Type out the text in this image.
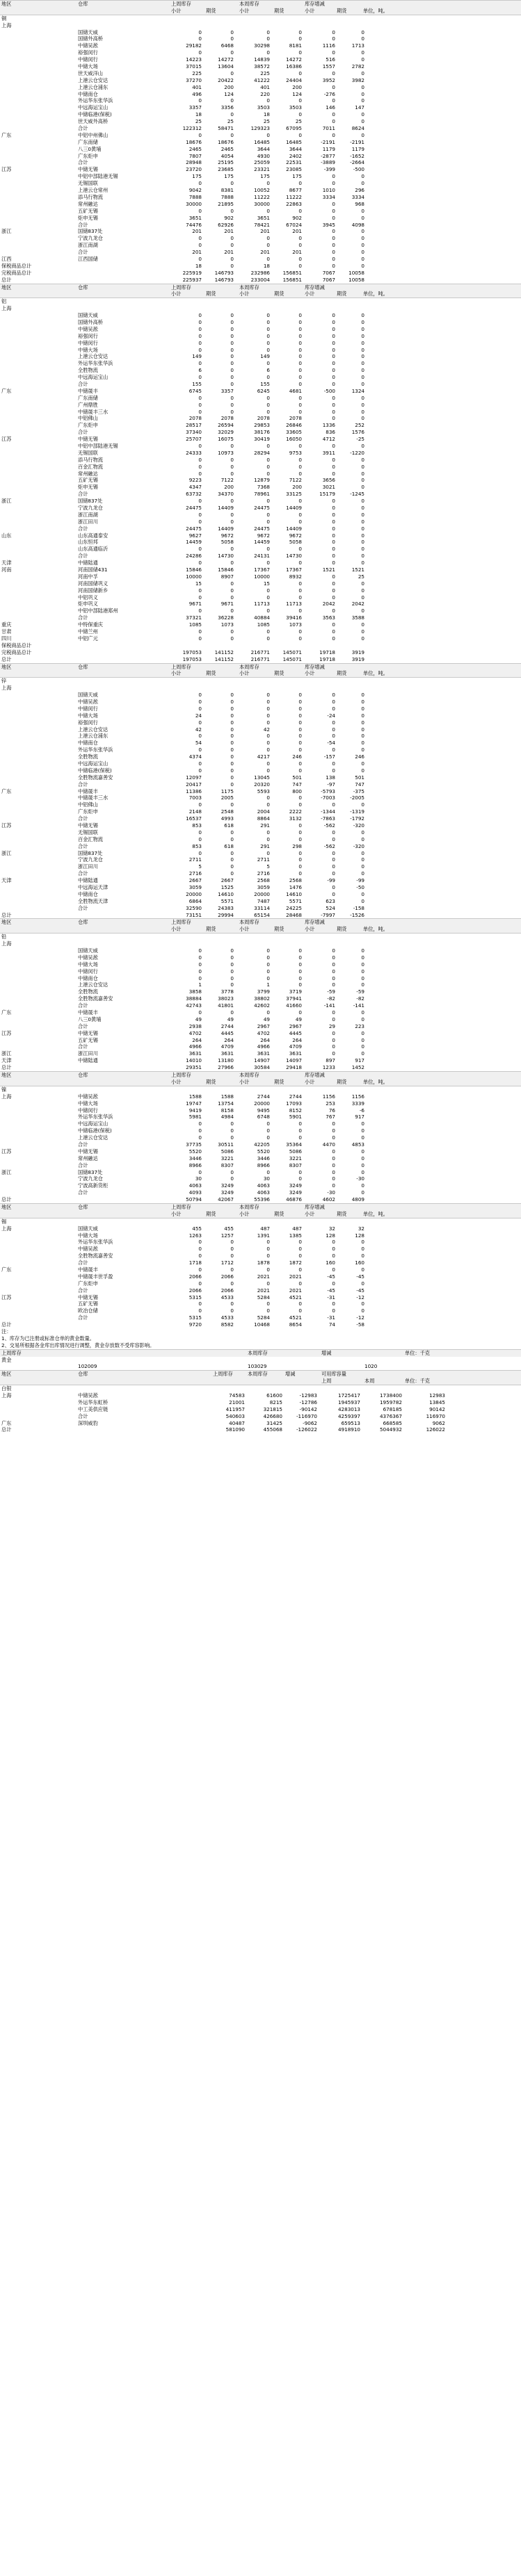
地区	仓库	上周库存	本周库存	库存增减
小计	期货	小计	期货	小计	期货	单位，吨。
铜
上海
国储天威	0	0	0	0	0	0
国储外高桥	0	0	0	0	0	0
中储吴淞	29182	6468	30298	8181	1116	1713
裕强闵行	0	0	0	0	0	0
中储闵行	14223	14272	14839	14272	516	0
中储大场	37015	13604	38572	16386	1557	2782
世天威洋山	225	0	225	0	0	0
上港云仓安达	37270	20422	41222	24404	3952	3982
上港云仓浦东	401	200	401	200	0	0
中储南仓	496	124	220	124	-276	0
外运华东张华浜	0	0	0	0	0	0
中远海运宝山	3357	3356	3503	3503	146	147
中储临港(保税)	18	0	18	0	0	0
世天威外高桥	25	25	25	25	0	0
合计	122312	58471	129323	67095	7011	8624
广东	中铝中州佛山	0	0	0	0	0	0
广东南储	18676	18676	16485	16485	-2191	-2191
八三0黄埔	2465	2465	3644	3644	1179	1179
广东炬申	7807	4054	4930	2402	-2877	-1652
合计	28948	25195	25059	22531	-3889	-2664
江苏	中储无锡	23720	23685	23321	23085	-399	-500
中铝中部陆港无锡	175	175	175	175	0	0
无锡国联	0	0	0	0	0	0
上港云仓常州	9042	8381	10052	8677	1010	296
添马行物流	7888	7888	11222	11222	3334	3334
常州融达	30000	21895	30000	22863	0	968
五矿无锡	0	0	0	0	0	0
炬申无锡	3651	902	3651	902	0	0
合计	74476	62926	78421	67024	3945	4098
浙江	国储837处	201	201	201	201	0	0
宁波九龙仓	0	0	0	0	0	0
浙江南湖	0	0	0	0	0	0
合计	201	201	201	201	0	0
江西	江西国储	0	0	0	0	0	0
保税商品总计	18	0	18	0	0	0
完税商品总计	225919	146793	232986	156851	7067	10058
总计	225937	146793	233004	156851	7067	10058
地区	仓库	上周库存	本周库存	库存增减
小计	期货	小计	期货	小计	期货	单位，吨。
铝
上海
国储天威	0	0	0	0	0	0
国储外高桥	0	0	0	0	0	0
中储吴淞	0	0	0	0	0	0
裕强闵行	0	0	0	0	0	0
中储闵行	0	0	0	0	0	0
中储大场	0	0	0	0	0	0
上港云仓安达	149	0	149	0	0	0
外运华东张华浜	0	0	0	0	0	0
全胜物流	6	0	6	0	0	0
中远海运宝山	0	0	0	0	0	0
合计	155	0	155	0	0	0
广东	中储晟丰	6745	3357	6245	4681	-500	1324
广东南储	0	0	0	0	0	0
广州鼎胜	0	0	0	0	0	0
中储晟丰三水	0	0	0	0	0	0
中铝佛山	2078	2078	2078	2078	0	0
广东炬申	28517	26594	29853	26846	1336	252
合计	37340	32029	38176	33605	836	1576
江苏	中储无锡	25707	16075	30419	16050	4712	-25
中铝中部陆港无锡	0	0	0	0	0	0
无锡国联	24333	10973	28294	9753	3911	-1220
添马行物流	0	0	0	0	0	0
百金汇物流	0	0	0	0	0	0
常州融达	0	0	0	0	0	0
五矿无锡	9223	7122	12879	7122	3656	0
炬申无锡	4347	200	7368	200	3021	0
合计	63732	34370	78961	33125	15179	-1245
浙江	国储837处	0	0	0	0	0	0
宁波九龙仓	24475	14409	24475	14409	0	0
浙江南湖	0	0	0	0	0	0
浙江田川	0	0	0	0	0	0
合计	24475	14409	24475	14409	0	0
山东	山东高通泰安	9627	9672	9672	9672	0	0
山东恒邦	14459	5058	14459	5058	0	0
山东高通临沂	0	0	0	0	0	0
合计	24286	14730	24131	14730	0	0
天津	中储陆通	0	0	0	0	0	0
河南	河南国储431	15846	15846	17367	17367	1521	1521
河南中孚	10000	8907	10000	8932	0	25
河南国储巩义	15	0	15	0	0	0
河南国储新乡	0	0	0	0	0	0
中铝巩义	0	0	0	0	0	0
炬申巩义	9671	9671	11713	11713	2042	2042
中铝中部陆港郑州	0	0	0	0	0	0
合计	37321	36228	40884	39416	3563	3588
重庆	中特保重庆	1085	1073	1085	1073	0	0
甘肃	中储兰州	0	0	0	0	0	0
四川	中铝广元	0	0	0	0	0	0
保税商品总计
完税商品总计	197053	141152	216771	145071	19718	3919
总计	197053	141152	216771	145071	19718	3919
地区	仓库	上周库存	本周库存	库存增减
小计	期货	小计	期货	小计	期货	单位，吨。
锌
上海
国储天威	0	0	0	0	0	0
中储吴淞	0	0	0	0	0	0
中储闵行	0	0	0	0	0	0
中储大场	24	0	0	0	-24	0
裕强闵行	0	0	0	0	0	0
上港云仓安达	42	0	42	0	0	0
上港云仓浦东	0	0	0	0	0	0
中储南仓	54	0	0	0	-54	0
外运华东张华浜	0	0	0	0	0	0
全胜物流	4374	0	4217	246	-157	246
中远海运宝山	0	0	0	0	0	0
中储临港(保税)	0	0	0	0	0	0
全胜物流嘉善安	12097	0	13045	501	138	501
合计	20417	0	20320	747	-97	747
广东	中储晟丰	11386	1175	5593	800	-5793	-375
中储晟丰三水	7003	2005	0	0	-7003	-2005
中铝佛山	0	0	0	0	0	0
广东炬申	2148	2548	2004	2222	-1344	-1319
合计	16537	4993	8864	3132	-7863	-1792
江苏	中储无锡	853	618	291	0	-562	-320
无锡国联	0	0	0	0	0	0
百金汇物流	0	0	0	0	0	0
合计	853	618	291	298	-562	-320
浙江	国储837处	0	0	0	0	0	0
宁波九龙仓	2711	0	2711	0	0	0
浙江田川	5	0	5	0	0	0
合计	2716	0	2716	0	0	0
天津	中储陆通	2667	2667	2568	2568	-99	-99
中远海运天津	3059	1525	3059	1476	0	-50
中储南仓	20000	14610	20000	14610	0	0
全胜物流天津	6864	5571	7487	5571	623	0
合计	32590	24383	33114	24225	524	-158
总计	73151	29994	65154	28468	-7997	-1526
地区	仓库	上周库存	本周库存	库存增减
小计	期货	小计	期货	小计	期货	单位，吨。
铅
上海
国储天威	0	0	0	0	0	0
中储吴淞	0	0	0	0	0	0
中储大场	0	0	0	0	0	0
中储闵行	0	0	0	0	0	0
中储南仓	0	0	0	0	0	0
上港云仓安达	1	0	1	0	0	0
全胜物流	3858	3778	3799	3719	-59	-59
全胜物流嘉善安	38884	38023	38802	37941	-82	-82
合计	42743	41801	42602	41660	-141	-141
广东	中储晟丰	0	0	0	0	0	0
八三0黄埔	49	49	49	49	0	0
合计	2938	2744	2967	2967	29	223
江苏	中储无锡	4702	4445	4702	4445	0	0
五矿无锡	264	264	264	264	0	0
合计	4966	4709	4966	4709	0	0
浙江	浙江田川	3631	3631	3631	3631	0	0
天津	中储陆通	14010	13180	14907	14097	897	917
总计	29351	27966	30584	29418	1233	1452
地区	仓库	上周库存	本周库存	库存增减
小计	期货	小计	期货	小计	期货	单位，吨。
镍
上海	中储吴淞	1588	1588	2744	2744	1156	1156
中储大场	19747	13754	20000	17093	253	3339
中储闵行	9419	8158	9495	8152	76	-6
外运华东张华浜	5981	4984	6748	5901	767	917
中远海运宝山	0	0	0	0	0	0
中储临港(保税)	0	0	0	0	0	0
上港云仓安达	0	0	0	0	0	0
合计	37735	30511	42205	35364	4470	4853
江苏	中储无锡	5520	5086	5520	5086	0	0
常州融达	3446	3221	3446	3221	0	0
合计	8966	8307	8966	8307	0	0
浙江	国储837处	0	0	0	0	0	0
宁波九龙仓	30	0	30	0	0	-30
宁波高新货柜	4063	3249	4063	3249	0	0
合计	4093	3249	4063	3249	-30	0
总计	50794	42067	55396	46876	4602	4809
地区	仓库	上周库存	本周库存	库存增减
小计	期货	小计	期货	小计	期货	单位，吨。
锡
上海	国储天威	455	455	487	487	32	32
中储大场	1263	1257	1391	1385	128	128
外运华东张华浜	0	0	0	0	0	0
中储吴淞	0	0	0	0	0	0
全胜物流嘉善安	0	0	0	0	0	0
合计	1718	1712	1878	1872	160	160
广东	中储晟丰	0	0	0	0	0	0
中储晟丰世孚盈	2066	2066	2021	2021	-45	-45
广东炬申	0	0	0	0	0	0
合计	2066	2066	2021	2021	-45	-45
江苏	中储无锡	5315	4533	5284	4521	-31	-12
五矿无锡	0	0	0	0	0	0
欧冶仓储	0	0	0	0	0	0
合计	5315	4533	5284	4521	-31	-12
总计	9720	8582	10468	8654	74	-58
注：
1、库存为已注册或标准仓单的黄金数量。
2、交易所根据各金库出库情况进行调整，黄金存放数不受库容影响。
上周库存	本周库存	增减	单位：千克
黄金
102009	103029	1020
地区	仓库	上周库存	本周库存	增减	可用库容量
上周	本周	单位：千克
白银
上海	中储吴淞	74583	61600	-12983	1725417	1738400	12983
外运华东虹桥	21001	8215	-12786	1945937	1959782	13845
中工美供应链	411957	321815	-90142	4283013	678185	90142
合计	540603	426680	-116970	4259397	4376367	116970
广东	深圳威豹	40487	31425	-9062	659513	668585	9062
总计	581090	455068	-126022	4918910	5044932	126022
